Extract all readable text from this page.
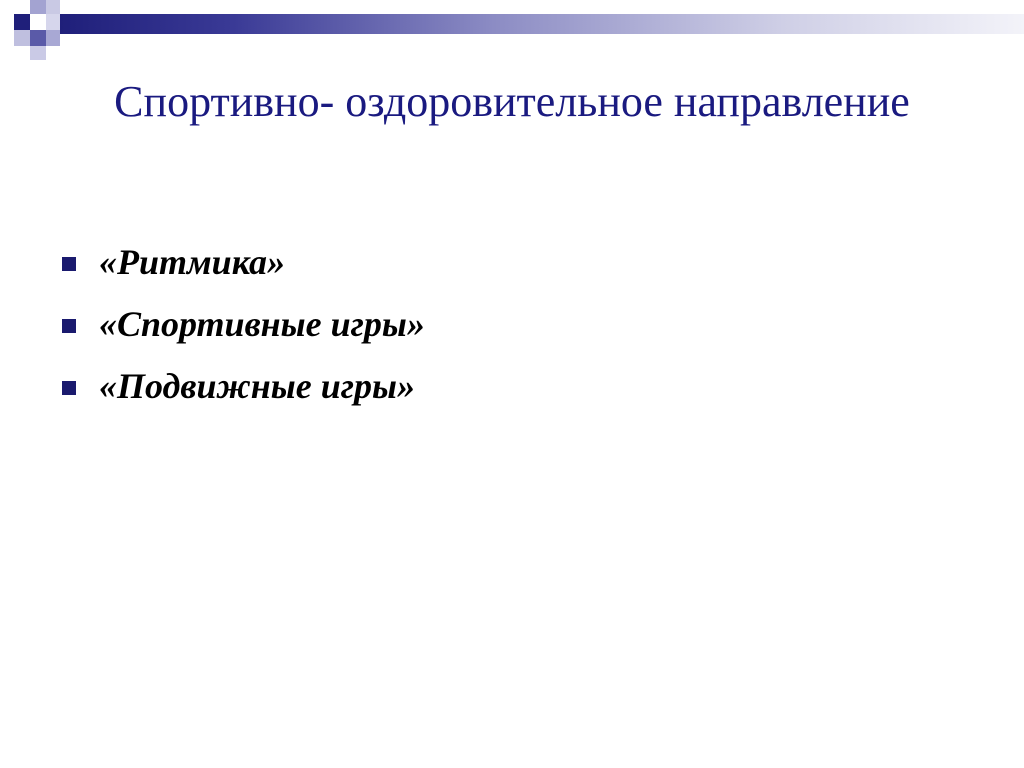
Спортивно- оздоровительное направление
«Ритмика»
«Спортивные игры»
«Подвижные игры»
